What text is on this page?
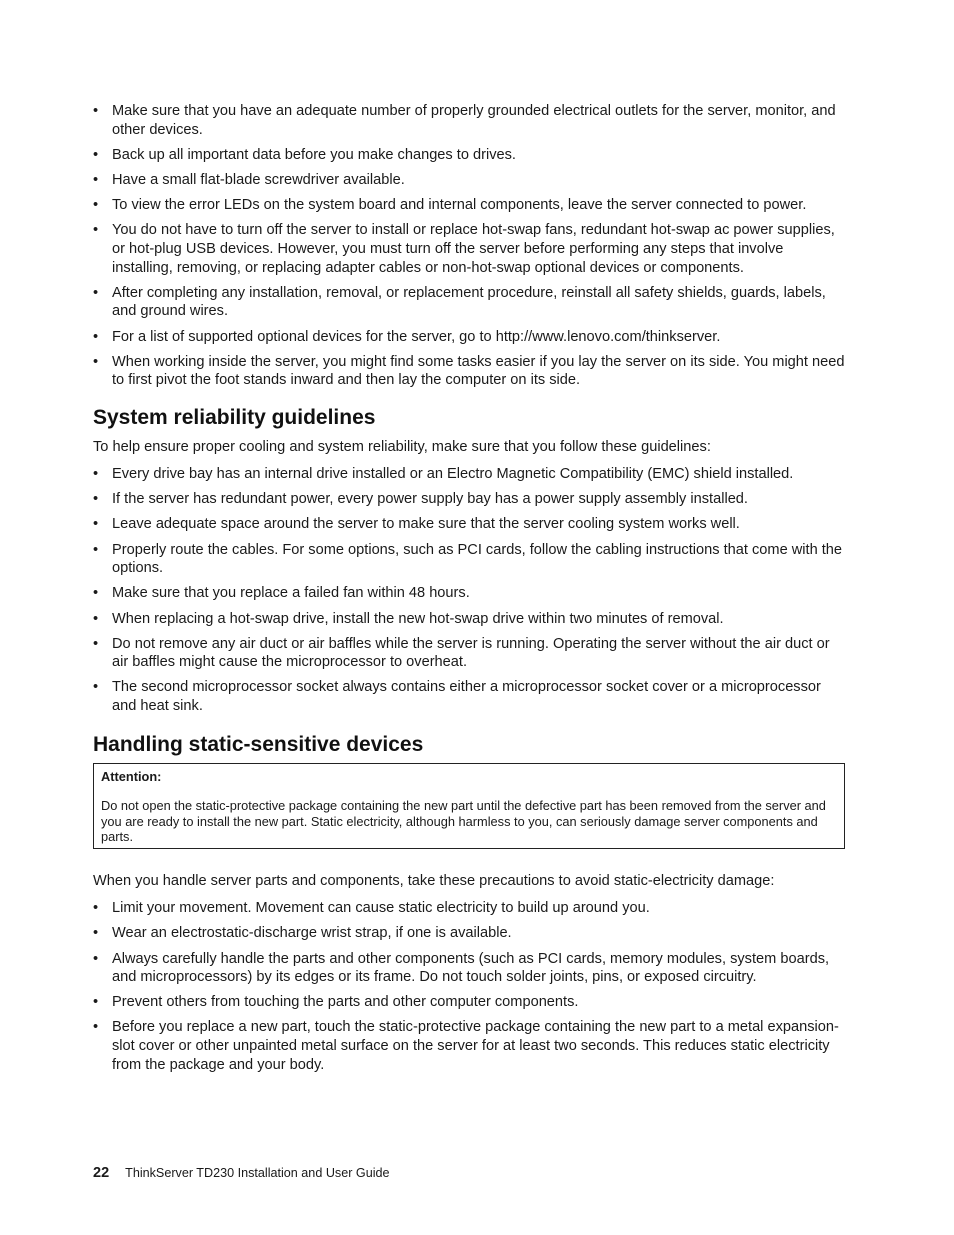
• Make sure that you have an adequate number of properly grounded electrical outlets for the server, monitor, and other devices.
• Back up all important data before you make changes to drives.
• Have a small flat-blade screwdriver available.
• To view the error LEDs on the system board and internal components, leave the server connected to power.
• You do not have to turn off the server to install or replace hot-swap fans, redundant hot-swap ac power supplies, or hot-plug USB devices. However, you must turn off the server before performing any steps that involve installing, removing, or replacing adapter cables or non-hot-swap optional devices or components.
• After completing any installation, removal, or replacement procedure, reinstall all safety shields, guards, labels, and ground wires.
• For a list of supported optional devices for the server, go to http://www.lenovo.com/thinkserver.
• When working inside the server, you might find some tasks easier if you lay the server on its side. You might need to first pivot the foot stands inward and then lay the computer on its side.
System reliability guidelines

To help ensure proper cooling and system reliability, make sure that you follow these guidelines:

• Every drive bay has an internal drive installed or an Electro Magnetic Compatibility (EMC) shield installed.
• If the server has redundant power, every power supply bay has a power supply assembly installed.
• Leave adequate space around the server to make sure that the server cooling system works well.
• Properly route the cables. For some options, such as PCI cards, follow the cabling instructions that come with the options.
• Make sure that you replace a failed fan within 48 hours.
• When replacing a hot-swap drive, install the new hot-swap drive within two minutes of removal.
• Do not remove any air duct or air baffles while the server is running. Operating the server without the air duct or air baffles might cause the microprocessor to overheat.
• The second microprocessor socket always contains either a microprocessor socket cover or a microprocessor and heat sink.
Handling static-sensitive devices
Attention:
Do not open the static-protective package containing the new part until the defective part has been removed from the server and you are ready to install the new part. Static electricity, although harmless to you, can seriously damage server components and parts.

When you handle server parts and components, take these precautions to avoid static-electricity damage:

• Limit your movement. Movement can cause static electricity to build up around you.
• Wear an electrostatic-discharge wrist strap, if one is available.
• Always carefully handle the parts and other components (such as PCI cards, memory modules, system boards, and microprocessors) by its edges or its frame. Do not touch solder joints, pins, or exposed circuitry.
• Prevent others from touching the parts and other computer components.
• Before you replace a new part, touch the static-protective package containing the new part to a metal expansion-slot cover or other unpainted metal surface on the server for at least two seconds. This reduces static electricity from the package and your body.
22 ThinkServer TD230 Installation and User Guide
